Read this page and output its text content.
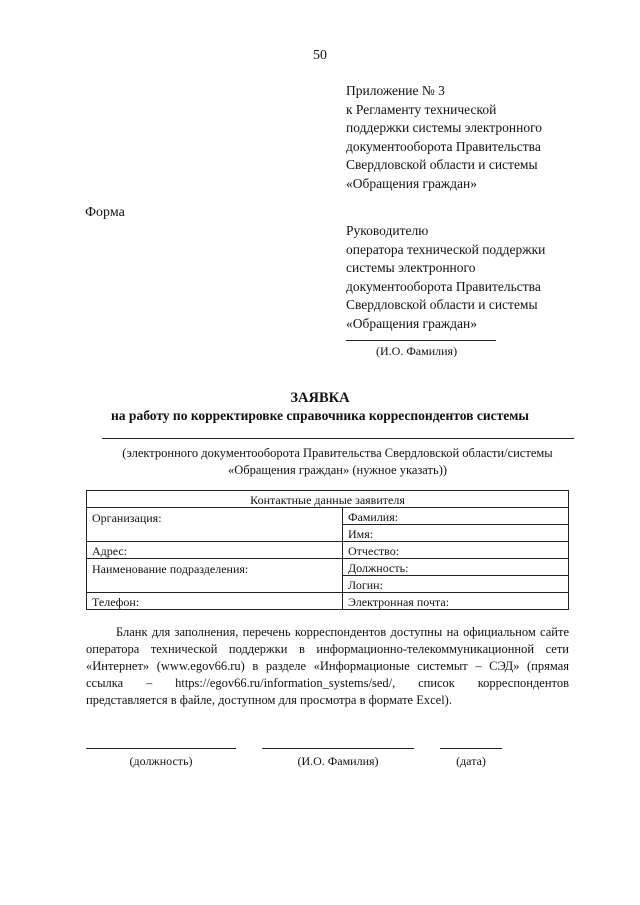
50
Приложение № 3
к Регламенту технической
поддержки системы электронного
документооборота Правительства
Свердловской области и системы
«Обращения граждан»
Форма
Руководителю
оператора технической поддержки
системы электронного
документооборота Правительства
Свердловской области и системы
«Обращения граждан»
(И.О. Фамилия)
ЗАЯВКА
на работу по корректировке справочника корреспондентов системы
(электронного документооборота Правительства Свердловской области/системы
«Обращения граждан» (нужное указать))
Контактные данные заявителя	
Организация:	Фамилия:
	Имя:
Адрес:	Отчество:
Наименование подразделения:	Должность:
	Логин:
Телефон:	Электронная почта:
Бланк для заполнения, перечень корреспондентов доступны на официальном сайте оператора технической поддержки в информационно-телекоммуникационной сети «Интернет» (www.egov66.ru) в разделе «Информационые системыт – СЭД» (прямая ссылка – https://egov66.ru/information_systems/sed/, список корреспондентов представляется в файле, доступном для просмотра в формате Excel).
(должность)	(И.О. Фамилия)	(дата)
